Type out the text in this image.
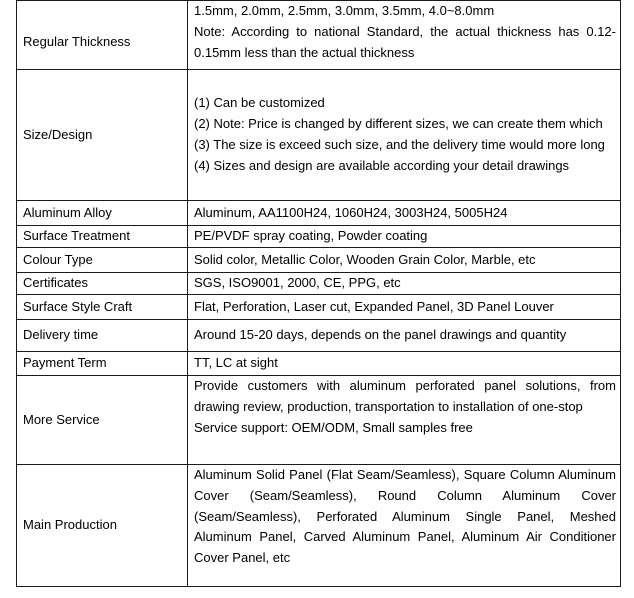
Regular Thickness	1.5mm, 2.0mm, 2.5mm, 3.0mm, 3.5mm, 4.0~8.0mm
Note: According to national Standard, the actual thickness has 0.12-0.15mm less than the actual thickness

Size/Design	(1) Can be customized
(2) Note: Price is changed by different sizes, we can create them which
(3) The size is exceed such size, and the delivery time would more long
(4) Sizes and design are available according your detail drawings

Aluminum Alloy	Aluminum, AA1100H24, 1060H24, 3003H24, 5005H24
Surface Treatment	PE/PVDF spray coating, Powder coating
Colour Type	Solid color, Metallic Color, Wooden Grain Color, Marble, etc
Certificates	SGS, ISO9001, 2000, CE, PPG, etc
Surface Style Craft	Flat, Perforation, Laser cut, Expanded Panel, 3D Panel Louver
Delivery time	Around 15-20 days, depends on the panel drawings and quantity
Payment Term	TT, LC at sight
More Service	Provide customers with aluminum perforated panel solutions, from drawing review, production, transportation to installation of one-stop
Service support: OEM/ODM, Small samples free

Main Production	Aluminum Solid Panel (Flat Seam/Seamless), Square Column Aluminum Cover (Seam/Seamless), Round Column Aluminum Cover (Seam/Seamless), Perforated Aluminum Single Panel, Meshed Aluminum Panel, Carved Aluminum Panel, Aluminum Air Conditioner Cover Panel, etc
